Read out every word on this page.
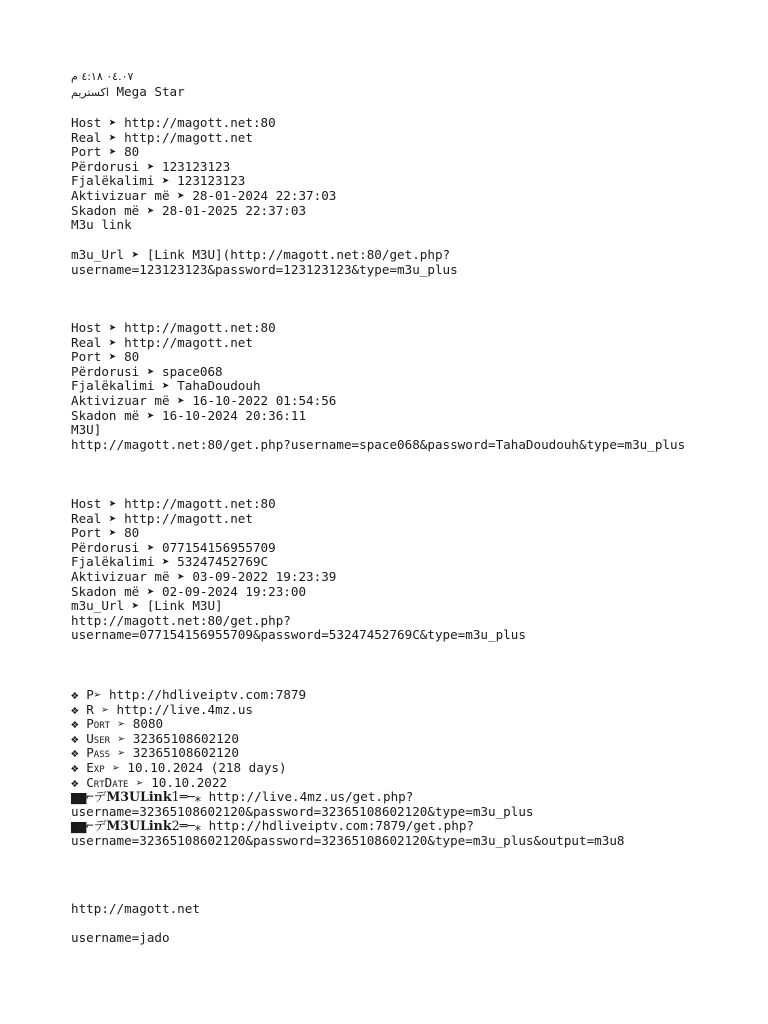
٠٤.٠٧ ٤:١٨ م
اكستريم Mega Star
Host ➤ http://magott.net:80
Real ➤ http://magott.net
Port ➤ 80
Përdorusi ➤ 123123123
Fjalëkalimi ➤ 123123123
Aktivizuar më ➤ 28-01-2024 22:37:03
Skadon më ➤ 28-01-2025 22:37:03
M3u link
m3u_Url ➤ [Link M3U](http://magott.net:80/get.php?
username=123123123&password=123123123&type=m3u_plus
Host ➤ http://magott.net:80
Real ➤ http://magott.net
Port ➤ 80
Përdorusi ➤ space068
Fjalëkalimi ➤ TahaDoudouh
Aktivizuar më ➤ 16-10-2022 01:54:56
Skadon më ➤ 16-10-2024 20:36:11
M3U]
http://magott.net:80/get.php?username=space068&password=TahaDoudouh&type=m3u_plus
Host ➤ http://magott.net:80
Real ➤ http://magott.net
Port ➤ 80
Përdorusi ➤ 077154156955709
Fjalëkalimi ➤ 53247452769C
Aktivizuar më ➤ 03-09-2022 19:23:39
Skadon më ➤ 02-09-2024 19:23:00
m3u_Url ➤ [Link M3U]
http://magott.net:80/get.php?
username=077154156955709&password=53247452769C&type=m3u_plus
❖ P➢ http://hdliveiptv.com:7879
❖ R ➢ http://live.4mz.us
❖ Port ➢ 8080
❖ User ➢ 32365108602120
❖ Pass ➢ 32365108602120
❖ Exp ➢ 10.10.2024 (218 days)
❖ CrtDate ➢ 10.10.2022
▆▆⌐デM3ULink1═─⁎ http://live.4mz.us/get.php?
username=32365108602120&password=32365108602120&type=m3u_plus
▆▆⌐デM3ULink2═─⁎ http://hdliveiptv.com:7879/get.php?
username=32365108602120&password=32365108602120&type=m3u_plus&output=m3u8
http://magott.net
username=jado
